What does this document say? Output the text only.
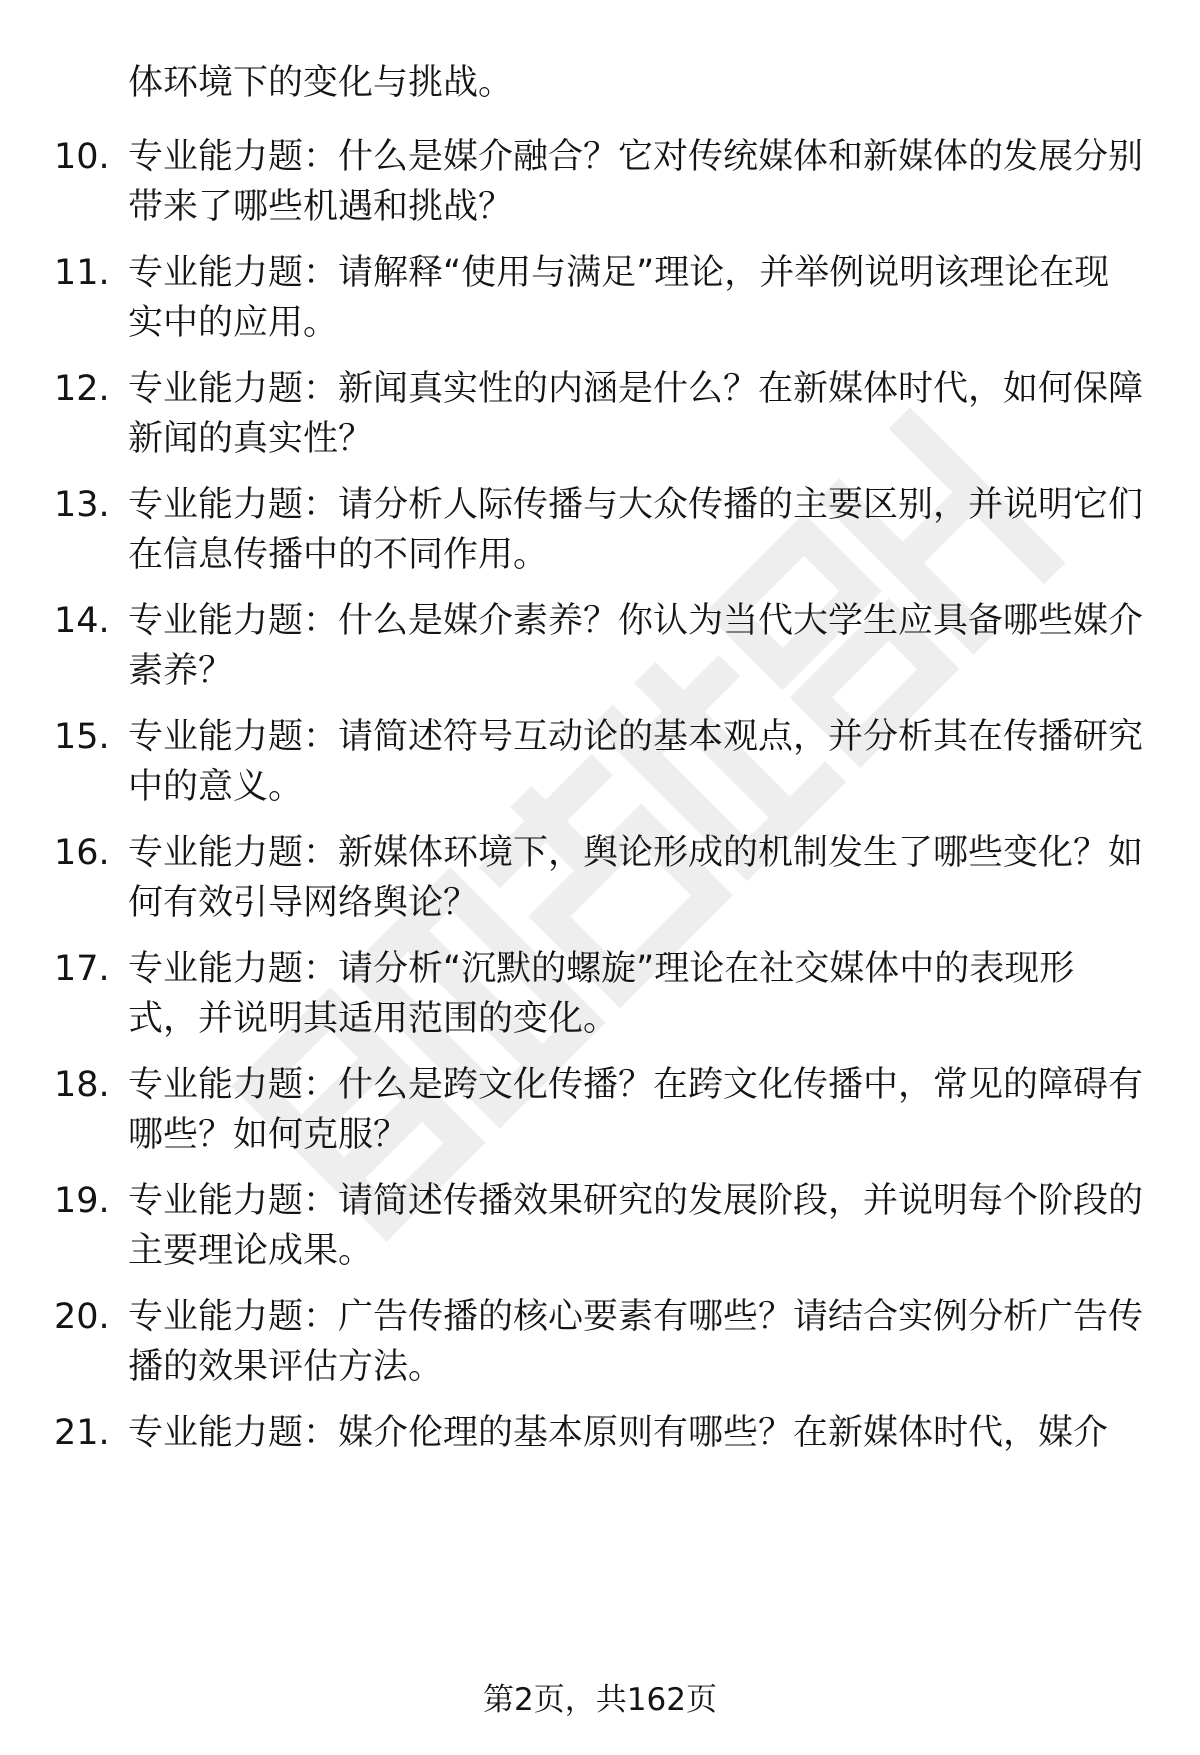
体环境下的变化与挑战。
10. 专业能力题：什么是媒介融合？它对传统媒体和新媒体的发展分别带来了哪些机遇和挑战？
11. 专业能力题：请解释“使用与满足”理论，并举例说明该理论在现实中的应用。
12. 专业能力题：新闻真实性的内涵是什么？在新媒体时代，如何保障新闻的真实性？
13. 专业能力题：请分析人际传播与大众传播的主要区别，并说明它们在信息传播中的不同作用。
14. 专业能力题：什么是媒介素养？你认为当代大学生应具备哪些媒介素养？
15. 专业能力题：请简述符号互动论的基本观点，并分析其在传播研究中的意义。
16. 专业能力题：新媒体环境下，舆论形成的机制发生了哪些变化？如何有效引导网络舆论？
17. 专业能力题：请分析“沉默的螺旋”理论在社交媒体中的表现形式，并说明其适用范围的变化。
18. 专业能力题：什么是跨文化传播？在跨文化传播中，常见的障碍有哪些？如何克服？
19. 专业能力题：请简述传播效果研究的发展阶段，并说明每个阶段的主要理论成果。
20. 专业能力题：广告传播的核心要素有哪些？请结合实例分析广告传播的效果评估方法。
21. 专业能力题：媒介伦理的基本原则有哪些？在新媒体时代，媒介
第2页，共162页
